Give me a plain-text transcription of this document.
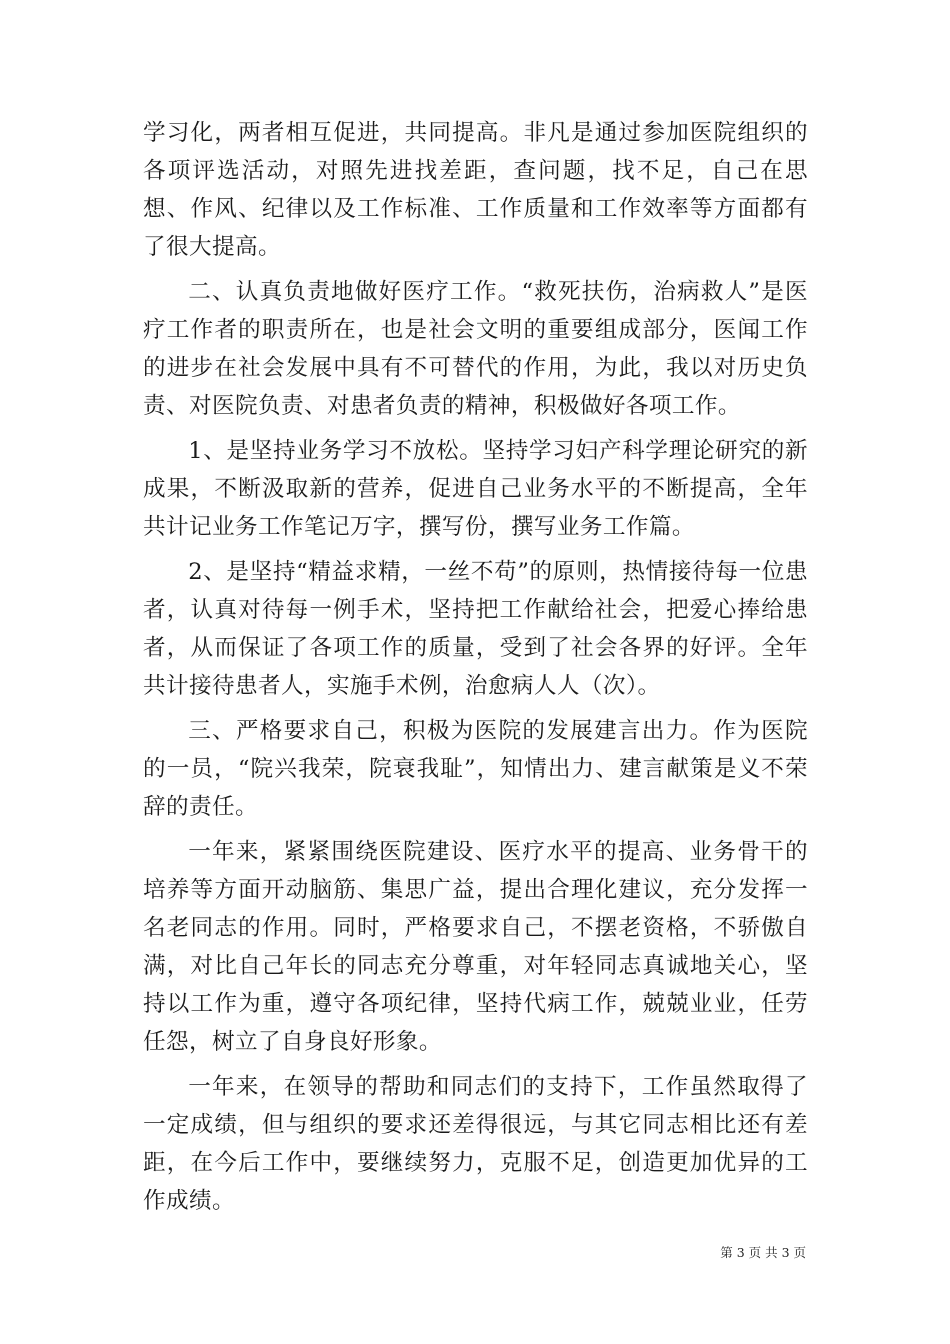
学习化，两者相互促进，共同提高。非凡是通过参加医院组织的各项评选活动，对照先进找差距，查问题，找不足，自己在思想、作风、纪律以及工作标准、工作质量和工作效率等方面都有了很大提高。

二、认真负责地做好医疗工作。“救死扶伤，治病救人”是医疗工作者的职责所在，也是社会文明的重要组成部分，医闻工作的进步在社会发展中具有不可替代的作用，为此，我以对历史负责、对医院负责、对患者负责的精神，积极做好各项工作。

1、是坚持业务学习不放松。坚持学习妇产科学理论研究的新成果，不断汲取新的营养，促进自己业务水平的不断提高，全年共计记业务工作笔记万字，撰写份，撰写业务工作篇。

2、是坚持“精益求精，一丝不苟”的原则，热情接待每一位患者，认真对待每一例手术，坚持把工作献给社会，把爱心捧给患者，从而保证了各项工作的质量，受到了社会各界的好评。全年共计接待患者人，实施手术例，治愈病人人（次）。

三、严格要求自己，积极为医院的发展建言出力。作为医院的一员，“院兴我荣，院衰我耻”，知情出力、建言献策是义不荣辞的责任。

一年来，紧紧围绕医院建设、医疗水平的提高、业务骨干的培养等方面开动脑筋、集思广益，提出合理化建议，充分发挥一名老同志的作用。同时，严格要求自己，不摆老资格，不骄傲自满，对比自己年长的同志充分尊重，对年轻同志真诚地关心，坚持以工作为重，遵守各项纪律，坚持代病工作，兢兢业业，任劳任怨，树立了自身良好形象。

一年来，在领导的帮助和同志们的支持下，工作虽然取得了一定成绩，但与组织的要求还差得很远，与其它同志相比还有差距，在今后工作中，要继续努力，克服不足，创造更加优异的工作成绩。

第 3 页 共 3 页
